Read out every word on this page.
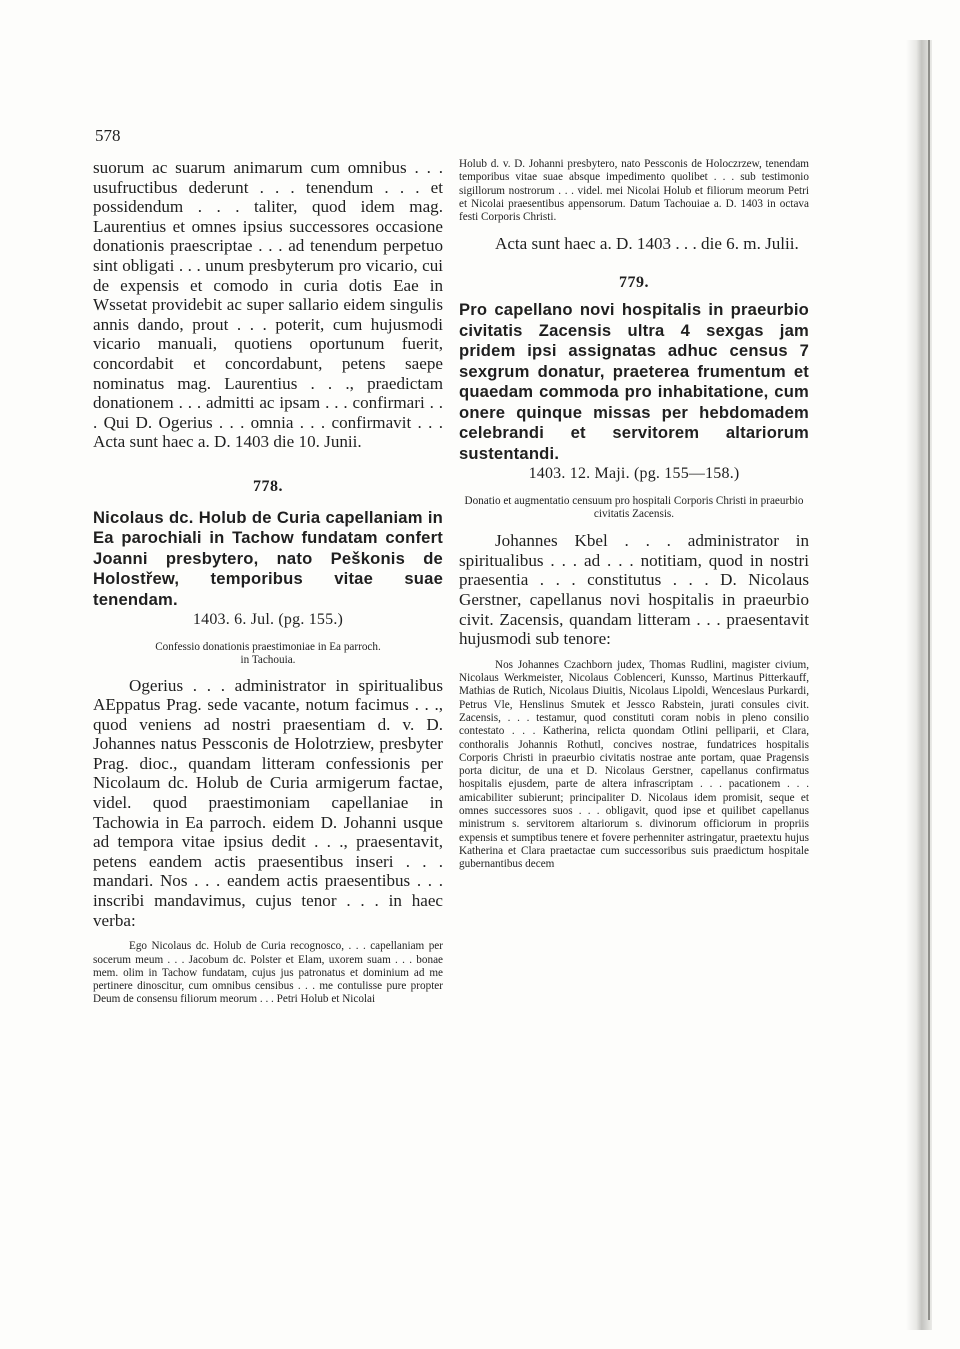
578

suorum ac suarum animarum cum omnibus . . . usufructibus dederunt . . . tenendum . . . et possidendum . . . taliter, quod idem mag. Laurentius et omnes ipsius successores occasione donationis praescriptae . . . ad tenendum perpetuo sint obligati . . . unum presbyterum pro vicario, cui de expensis et comodo in curia dotis Eae in Wssetat providebit ac super sallario eidem singulis annis dando, prout . . . poterit, cum hujusmodi vicario manuali, quotiens oportunum fuerit, concordabit et concordabunt, petens saepe nominatus mag. Laurentius . . ., praedictam donationem . . . admitti ac ipsam . . . confirmari . . . Qui D. Ogerius . . . omnia . . . confirmavit . . . Acta sunt haec a. D. 1403 die 10. Junii.

778.

Nicolaus dc. Holub de Curia capellaniam in Ea parochiali in Tachow fundatam confert Joanni presbytero, nato Peškonis de Holostřew, temporibus vitae suae tenendam.
1403. 6. Jul. (pg. 155.)

Confessio donationis praestimoniae in Ea parroch.
in Tachouia.

Ogerius . . . administrator in spiritualibus AEppatus Prag. sede vacante, notum facimus . . ., quod veniens ad nostri praesentiam d. v. D. Johannes natus Pessconis de Holotrziew, presbyter Prag. dioc., quandam litteram confessionis per Nicolaum dc. Holub de Curia armigerum factae, videl. quod praestimoniam capellaniae in Tachowia in Ea parroch. eidem D. Johanni usque ad tempora vitae ipsius dedit . . ., praesentavit, petens eandem actis praesentibus inseri . . . mandari. Nos . . . eandem actis praesentibus . . . inscribi mandavimus, cujus tenor . . . in haec verba:

Ego Nicolaus dc. Holub de Curia recognosco, . . . capellaniam per socerum meum . . . Jacobum dc. Polster et Elam, uxorem suam . . . bonae mem. olim in Tachow fundatam, cujus jus patronatus et dominium ad me pertinere dinoscitur, cum omnibus censibus . . . me contulisse pure propter Deum de consensu filiorum meorum . . . Petri Holub et Nicolai

Holub d. v. D. Johanni presbytero, nato Pessconis de Holoczrzew, tenendam temporibus vitae suae absque impedimento quolibet . . . sub testimonio sigillorum nostrorum . . . videl. mei Nicolai Holub et filiorum meorum Petri et Nicolai praesentibus appensorum. Datum Tachouiae a. D. 1403 in octava festi Corporis Christi.

Acta sunt haec a. D. 1403 . . . die 6. m. Julii.

779.

Pro capellano novi hospitalis in praeurbio civitatis Zacensis ultra 4 sexgas jam pridem ipsi assignatas adhuc census 7 sexgrum donatur, praeterea frumentum et quaedam commoda pro inhabitatione, cum onere quinque missas per hebdomadem celebrandi et servitorem altariorum sustentandi.
1403. 12. Maji. (pg. 155—158.)

Donatio et augmentatio censuum pro hospitali Corporis Christi in praeurbio civitatis Zacensis.

Johannes Kbel . . . administrator in spiritualibus . . . ad . . . notitiam, quod in nostri praesentia . . . constitutus . . . D. Nicolaus Gerstner, capellanus novi hospitalis in praeurbio civit. Zacensis, quandam litteram . . . praesentavit hujusmodi sub tenore:

Nos Johannes Czachborn judex, Thomas Rudlini, magister civium, Nicolaus Werkmeister, Nicolaus Coblenceri, Kunsso, Martinus Pitterkauff, Mathias de Rutich, Nicolaus Diuitis, Nicolaus Lipoldi, Wenceslaus Purkardi, Petrus Vle, Henslinus Smutek et Jessco Rabstein, jurati consules civit. Zacensis, . . . testamur, quod constituti coram nobis in pleno consilio contestato . . . Katherina, relicta quondam Otlini pelliparii, et Clara, conthoralis Johannis Rothutl, concives nostrae, fundatrices hospitalis Corporis Christi in praeurbio civitatis nostrae ante portam, quae Pragensis porta dicitur, de una et D. Nicolaus Gerstner, capellanus confirmatus hospitalis ejusdem, parte de altera infrascriptam . . . pacationem . . . amicabiliter subierunt; principaliter D. Nicolaus idem promisit, seque et omnes successores suos . . . obligavit, quod ipse et quilibet capellanus ministrum s. servitorem altariorum s. divinorum officiorum in propriis expensis et sumptibus tenere et fovere perhenniter astringatur, praetextu hujus Katherina et Clara praetactae cum successoribus suis praedictum hospitale gubernantibus decem
